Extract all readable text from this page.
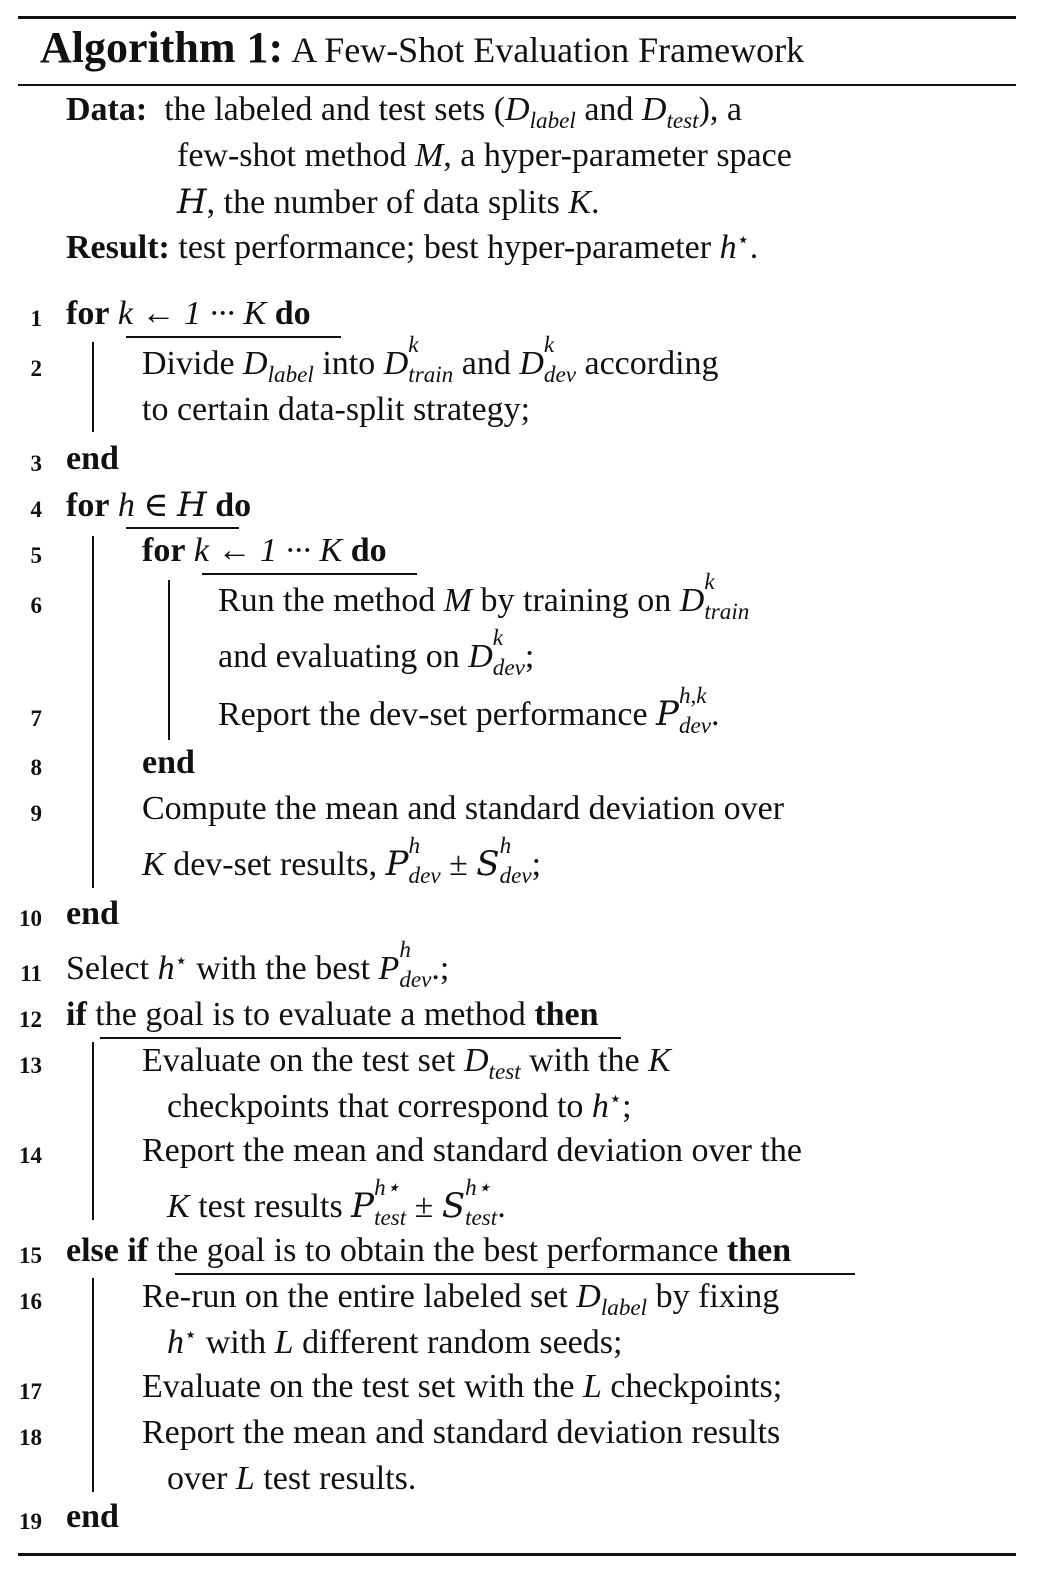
Algorithm 1: A Few-Shot Evaluation Framework
Data: the labeled and test sets ($D_{label}$ and $D_{test}$), a
few-shot method M, a hyper-parameter space
H, the number of data splits K.
Result: test performance; best hyper-parameter h⋆.
1
2
3
4
5
6
7
8
9
10
11
12
13
14
15
16
17
18
19
for k ← 1 ··· K do
Divide $D_{label}$ into D k
train and D k
dev according
to certain data-split strategy;
end
for h ∈ H do
for k ← 1 ··· K do
Run the method M by training on D k
train
and evaluating on D k
dev;
Report the dev-set performance P h,k
dev.
end
Compute the mean and standard deviation over
K dev-set results, P h
dev ± S h
dev;
end
Select h⋆ with the best P h
dev.;
if the goal is to evaluate a method then
Evaluate on the test set $D_{test}$ with the K
checkpoints that correspond to h⋆;
Report the mean and standard deviation over the
K test results P h⋆
test ± S h⋆
test.
else if the goal is to obtain the best performance then
Re-run on the entire labeled set $D_{label}$ by fixing
h⋆ with L different random seeds;
Evaluate on the test set with the L checkpoints;
Report the mean and standard deviation results
over L test results.
end
